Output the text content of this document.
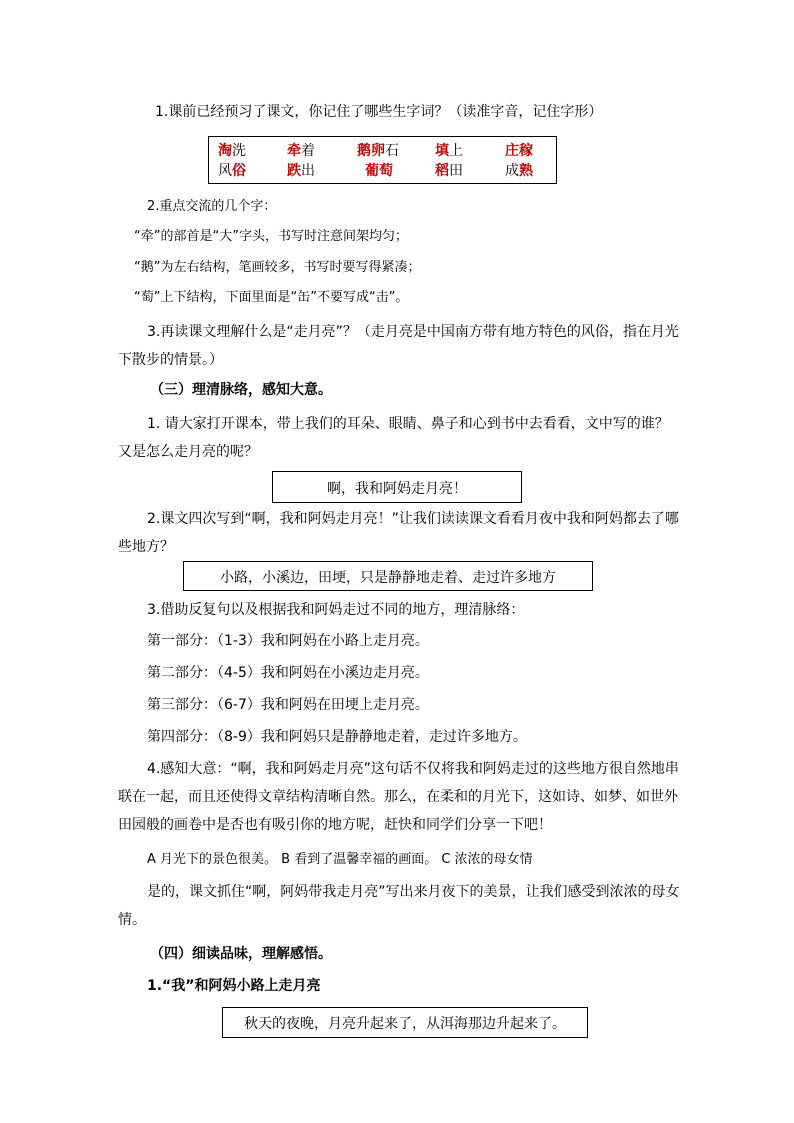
1.课前已经预习了课文，你记住了哪些生字词？（读准字音，记住字形）
淘洗	牵着	鹅卵石	填上	庄稼
风俗	跌出	葡萄	稻田	成熟
2.重点交流的几个字：
“牵”的部首是“大”字头，书写时注意间架均匀；
“鹅”为左右结构，笔画较多，书写时要写得紧凑；
“萄”上下结构，下面里面是“缶”不要写成“击”。
3.再读课文理解什么是“走月亮”？（走月亮是中国南方带有地方特色的风俗，指在月光下散步的情景。）
（三）理清脉络，感知大意。
1. 请大家打开课本，带上我们的耳朵、眼睛、鼻子和心到书中去看看，文中写的谁？又是怎么走月亮的呢？
啊，我和阿妈走月亮！
2.课文四次写到“啊，我和阿妈走月亮！”让我们读读课文看看月夜中我和阿妈都去了哪些地方？
小路，小溪边，田埂，只是静静地走着、走过许多地方
3.借助反复句以及根据我和阿妈走过不同的地方，理清脉络：
第一部分：（1-3）我和阿妈在小路上走月亮。
第二部分：（4-5）我和阿妈在小溪边走月亮。
第三部分：（6-7）我和阿妈在田埂上走月亮。
第四部分：（8-9）我和阿妈只是静静地走着，走过许多地方。
4.感知大意：“啊，我和阿妈走月亮”这句话不仅将我和阿妈走过的这些地方很自然地串联在一起，而且还使得文章结构清晰自然。那么，在柔和的月光下，这如诗、如梦、如世外田园般的画卷中是否也有吸引你的地方呢，赶快和同学们分享一下吧！
A 月光下的景色很美。 B 看到了温馨幸福的画面。 C 浓浓的母女情
是的，课文抓住“啊，阿妈带我走月亮”写出来月夜下的美景，让我们感受到浓浓的母女情。
（四）细读品味，理解感悟。
1.“我”和阿妈小路上走月亮
秋天的夜晚，月亮升起来了，从洱海那边升起来了。
